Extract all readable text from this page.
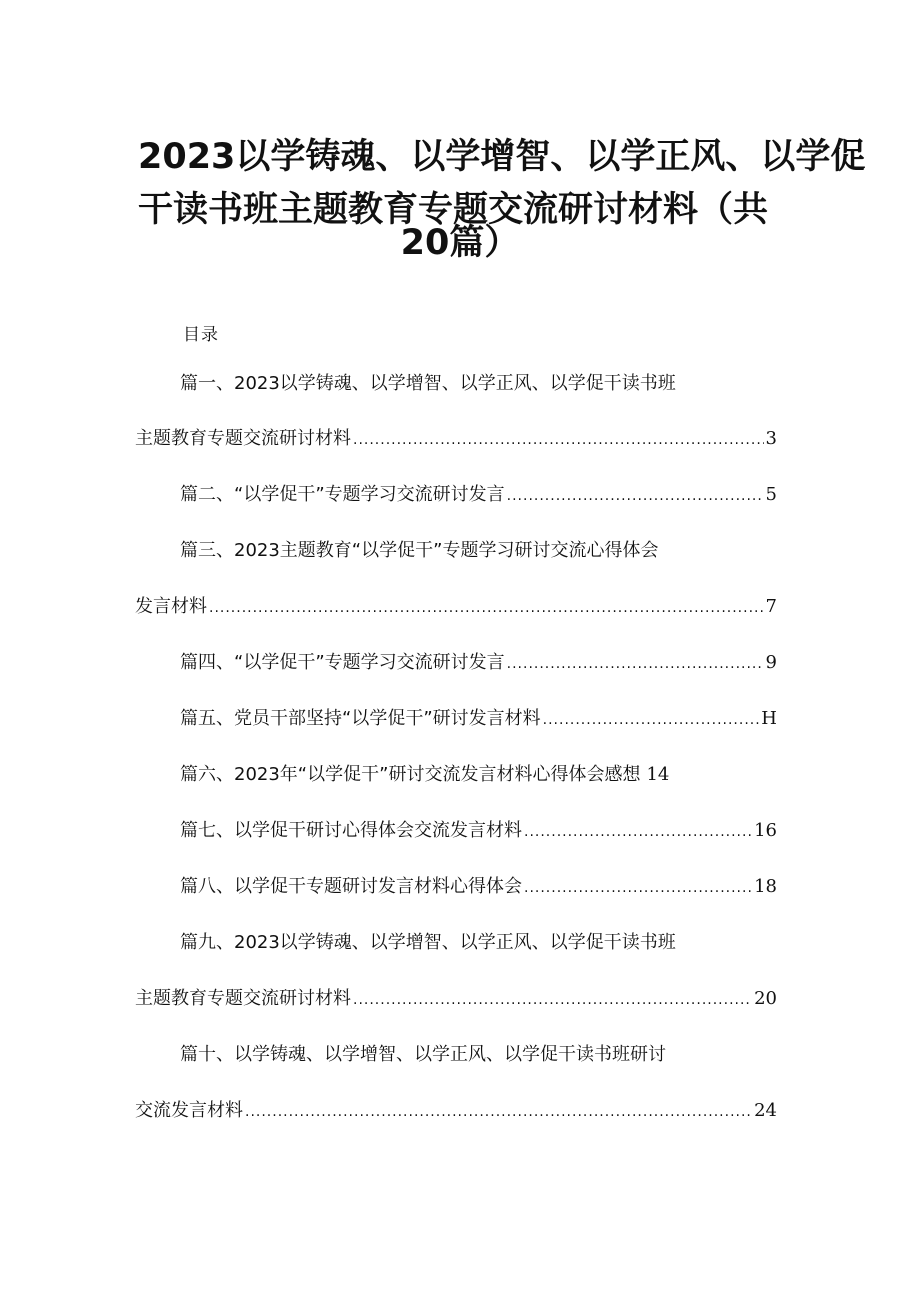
2023以学铸魂、以学增智、以学正风、以学促
干读书班主题教育专题交流研讨材料（共
20篇）
目录
篇一、2023以学铸魂、以学增智、以学正风、以学促干读书班
主题教育专题交流研讨材料 .....	3
篇二、“以学促干”专题学习交流研讨发言 .....	5
篇三、2023主题教育“以学促干”专题学习研讨交流心得体会
发言材料 .....	7
篇四、“以学促干”专题学习交流研讨发言 .....	9
篇五、党员干部坚持“以学促干”研讨发言材料 .....	H
篇六、2023年“以学促干”研讨交流发言材料心得体会感想 14
篇七、以学促干研讨心得体会交流发言材料 .....	16
篇八、以学促干专题研讨发言材料心得体会 .....	18
篇九、2023以学铸魂、以学增智、以学正风、以学促干读书班
主题教育专题交流研讨材料 .....	20
篇十、以学铸魂、以学增智、以学正风、以学促干读书班研讨
交流发言材料 .....	24
